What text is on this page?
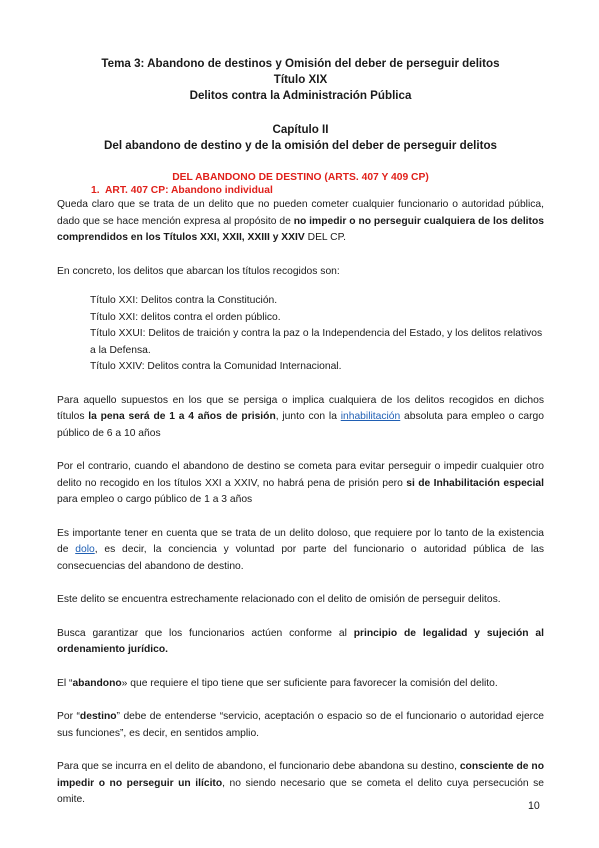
Tema 3: Abandono de destinos y Omisión del deber de perseguir delitos
Título XIX
Delitos contra la Administración Pública
Capítulo II
Del abandono de destino y de la omisión del deber de perseguir delitos
DEL ABANDONO DE DESTINO (ARTS. 407 Y 409 CP)
1. ART. 407 CP: Abandono individual

Queda claro que se trata de un delito que no pueden cometer cualquier funcionario o autoridad pública, dado que se hace mención expresa al propósito de no impedir o no perseguir cualquiera de los delitos comprendidos en los Títulos XXI, XXII, XXIII y XXIV DEL CP.

En concreto, los delitos que abarcan los títulos recogidos son:

Título XXI: Delitos contra la Constitución.
Título XXI: delitos contra el orden público.
Título XXUI: Delitos de traición y contra la paz o la Independencia del Estado, y los delitos relativos a la Defensa.
Título XXIV: Delitos contra la Comunidad Internacional.

Para aquello supuestos en los que se persiga o implica cualquiera de los delitos recogidos en dichos títulos la pena será de 1 a 4 años de prisión, junto con la inhabilitación absoluta para empleo o cargo público de 6 a 10 años

Por el contrario, cuando el abandono de destino se cometa para evitar perseguir o impedir cualquier otro delito no recogido en los títulos XXI a XXIV, no habrá pena de prisión pero si de Inhabilitación especial para empleo o cargo público de 1 a 3 años

Es importante tener en cuenta que se trata de un delito doloso, que requiere por lo tanto de la existencia de dolo, es decir, la conciencia y voluntad por parte del funcionario o autoridad pública de las consecuencias del abandono de destino.

Este delito se encuentra estrechamente relacionado con el delito de omisión de perseguir delitos.

Busca garantizar que los funcionarios actúen conforme al principio de legalidad y sujeción al ordenamiento jurídico.

El “abandono» que requiere el tipo tiene que ser suficiente para favorecer la comisión del delito.

Por “destino” debe de entenderse “servicio, aceptación o espacio so de el funcionario o autoridad ejerce sus funciones”, es decir, en sentidos amplio.

Para que se incurra en el delito de abandono, el funcionario debe abandona su destino, consciente de no impedir o no perseguir un ilícito, no siendo necesario que se cometa el delito cuya persecución se omite.

10
